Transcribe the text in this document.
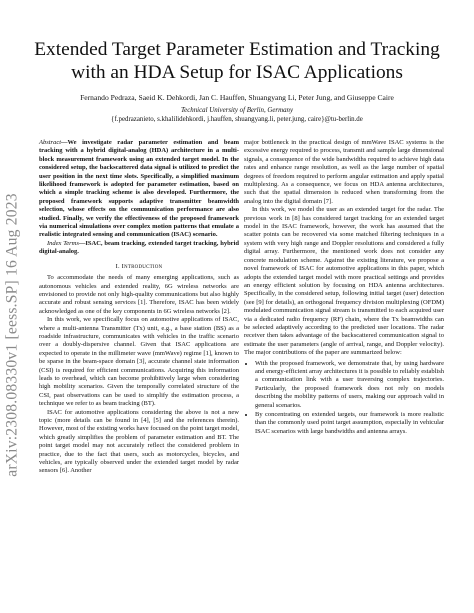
arXiv:2308.08330v1 [eess.SP] 16 Aug 2023
Extended Target Parameter Estimation and Tracking
with an HDA Setup for ISAC Applications
Fernando Pedraza, Saeid K. Dehkordi, Jan C. Hauffen, Shuangyang Li, Peter Jung, and Giuseppe Caire
Technical University of Berlin, Germany
{f.pedrazanieto, s.khalilidehkordi, j.hauffen, shuangyang.li, peter.jung, caire}@tu-berlin.de

Abstract—We investigate radar parameter estimation and beam tracking with a hybrid digital-analog (HDA) architecture in a multi-block measurement framework using an extended target model. In the considered setup, the backscattered data signal is utilized to predict the user position in the next time slots. Specifically, a simplified maximum likelihood framework is adopted for parameter estimation, based on which a simple tracking scheme is also developed. Furthermore, the proposed framework supports adaptive transmitter beamwidth selection, whose effects on the communication performance are also studied. Finally, we verify the effectiveness of the proposed framework via numerical simulations over complex motion patterns that emulate a realistic integrated sensing and communication (ISAC) scenario.

Index Terms—ISAC, beam tracking, extended target tracking, hybrid digital-analog.

I. Introduction

To accommodate the needs of many emerging applications, such as autonomous vehicles and extended reality, 6G wireless networks are envisioned to provide not only high-quality communications but also highly accurate and robust sensing services [1]. Therefore, ISAC has been widely acknowledged as one of the key components in 6G wireless networks [2].

In this work, we specifically focus on automotive applications of ISAC, where a multi-antenna Transmitter (Tx) unit, e.g., a base station (BS) as a roadside infrastructure, communicates with vehicles in the traffic scenario over a doubly-dispersive channel. Given that ISAC applications are expected to operate in the millimeter wave (mmWave) regime [1], known to be sparse in the beam-space domain [3], accurate channel state information (CSI) is required for efficient communications. Acquiring this information leads to overhead, which can become prohibitively large when considering high mobility scenarios. Given the temporally correlated structure of the CSI, past observations can be used to simplify the estimation process, a technique we refer to as beam tracking (BT).

ISAC for automotive applications considering the above is not a new topic (more details can be found in [4], [5] and the references therein). However, most of the existing works have focused on the point target model, which greatly simplifies the problem of parameter estimation and BT. The point target model may not accurately reflect the considered problem in practice, due to the fact that users, such as motorcycles, bicycles, and vehicles, are typically observed under the extended target model by radar sensors [6]. Another

major bottleneck in the practical design of mmWave ISAC systems is the excessive energy required to process, transmit and sample large dimensional signals, a consequence of the wide bandwidths required to achieve high data rates and enhance range resolution, as well as the large number of spatial degrees of freedom required to perform angular estimation and apply spatial multiplexing. As a consequence, we focus on HDA antenna architectures, such that the spatial dimension is reduced when transforming from the analog into the digital domain [7].

In this work, we model the user as an extended target for the radar. The previous work in [8] has considered target tracking for an extended target model in the ISAC framework, however, the work has assumed that the scatter points can be recovered via some matched filtering techniques in a system with very high range and Doppler resolutions and considered a fully digital array. Furthermore, the mentioned work does not consider any concrete modulation scheme. Against the existing literature, we propose a novel framework of ISAC for automotive applications in this paper, which adopts the extended target model with more practical settings and provides an energy efficient solution by focusing on HDA antenna architectures. Specifically, in the considered setup, following initial target (user) detection (see [9] for details), an orthogonal frequency division multiplexing (OFDM) modulated communication signal stream is transmitted to each acquired user via a dedicated radio frequency (RF) chain, where the Tx beamwidths can be selected adaptively according to the predicted user locations. The radar receiver then takes advantage of the backscattered communication signal to estimate the user parameters (angle of arrival, range, and Doppler velocity). The major contributions of the paper are summarized below:

• With the proposed framework, we demonstrate that, by using hardware and energy-efficient array architectures it is possible to reliably establish a communication link with a user traversing complex trajectories. Particularly, the proposed framework does not rely on models describing the mobility patterns of users, making our approach valid in general scenarios.
• By concentrating on extended targets, our framework is more realistic than the commonly used point target assumption, especially in vehicular ISAC scenarios with large bandwidths and antenna arrays.
